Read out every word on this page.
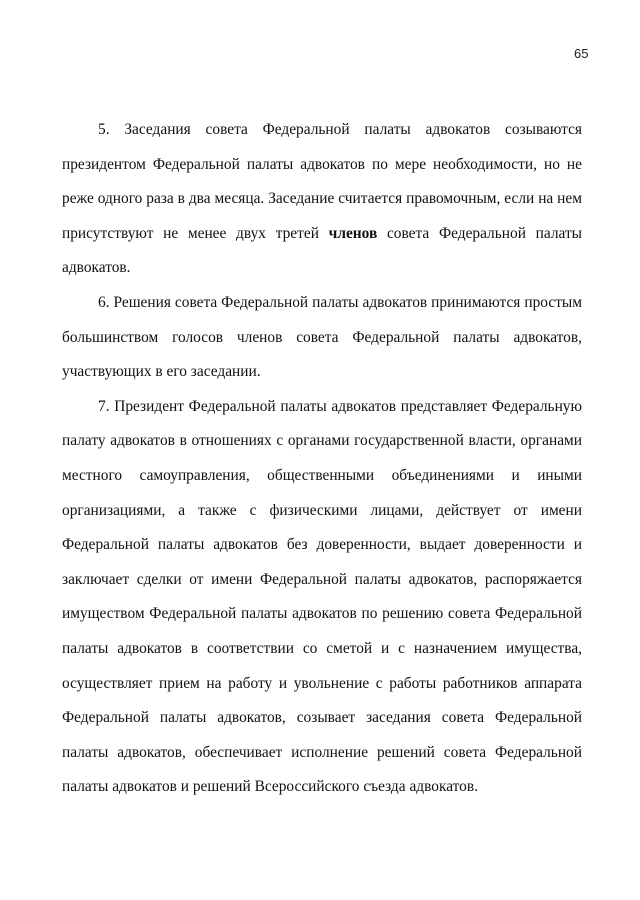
65

5. Заседания совета Федеральной палаты адвокатов созываются президентом Федеральной палаты адвокатов по мере необходимости, но не реже одного раза в два месяца. Заседание считается правомочным, если на нем присутствуют не менее двух третей членов совета Федеральной палаты адвокатов.

6. Решения совета Федеральной палаты адвокатов принимаются простым большинством голосов членов совета Федеральной палаты адвокатов, участвующих в его заседании.

7. Президент Федеральной палаты адвокатов представляет Федеральную палату адвокатов в отношениях с органами государственной власти, органами местного самоуправления, общественными объединениями и иными организациями, а также с физическими лицами, действует от имени Федеральной палаты адвокатов без доверенности, выдает доверенности и заключает сделки от имени Федеральной палаты адвокатов, распоряжается имуществом Федеральной палаты адвокатов по решению совета Федеральной палаты адвокатов в соответствии со сметой и с назначением имущества, осуществляет прием на работу и увольнение с работы работников аппарата Федеральной палаты адвокатов, созывает заседания совета Федеральной палаты адвокатов, обеспечивает исполнение решений совета Федеральной палаты адвокатов и решений Всероссийского съезда адвокатов.
